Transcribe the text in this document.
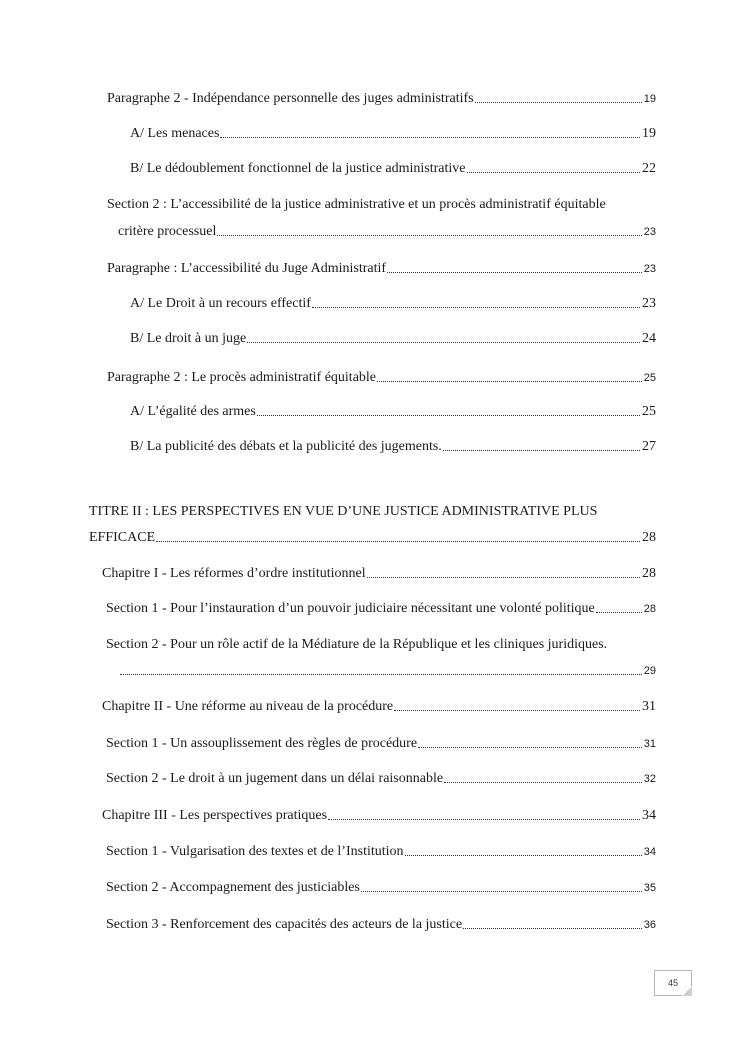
Paragraphe 2 - Indépendance personnelle des juges administratifs	19
A/ Les menaces	19
B/ Le dédoublement fonctionnel de la justice administrative	22
Section 2 : L’accessibilité de la justice administrative et un procès administratif équitable
critère processuel	23
Paragraphe : L’accessibilité du Juge Administratif	23
A/ Le Droit à un recours effectif	23
B/ Le droit à un juge	24
Paragraphe 2 : Le procès administratif équitable	25
A/ L’égalité des armes	25
B/ La publicité des débats et la publicité des jugements.	27
TITRE II : LES PERSPECTIVES EN VUE D’UNE JUSTICE ADMINISTRATIVE PLUS
EFFICACE	28
Chapitre I - Les réformes d’ordre institutionnel	28
Section 1 - Pour l’instauration d’un pouvoir judiciaire nécessitant une volonté politique	28
Section 2 - Pour un rôle actif de la Médiature de la République et les cliniques juridiques.
29
Chapitre II - Une réforme au niveau de la procédure	31
Section 1 - Un assouplissement des règles de procédure	31
Section 2 - Le droit à un jugement dans un délai raisonnable	32
Chapitre III - Les perspectives pratiques	34
Section 1 - Vulgarisation des textes et de l’Institution	34
Section 2 - Accompagnement des justiciables	35
Section 3 - Renforcement des capacités des acteurs de la justice	36
45
